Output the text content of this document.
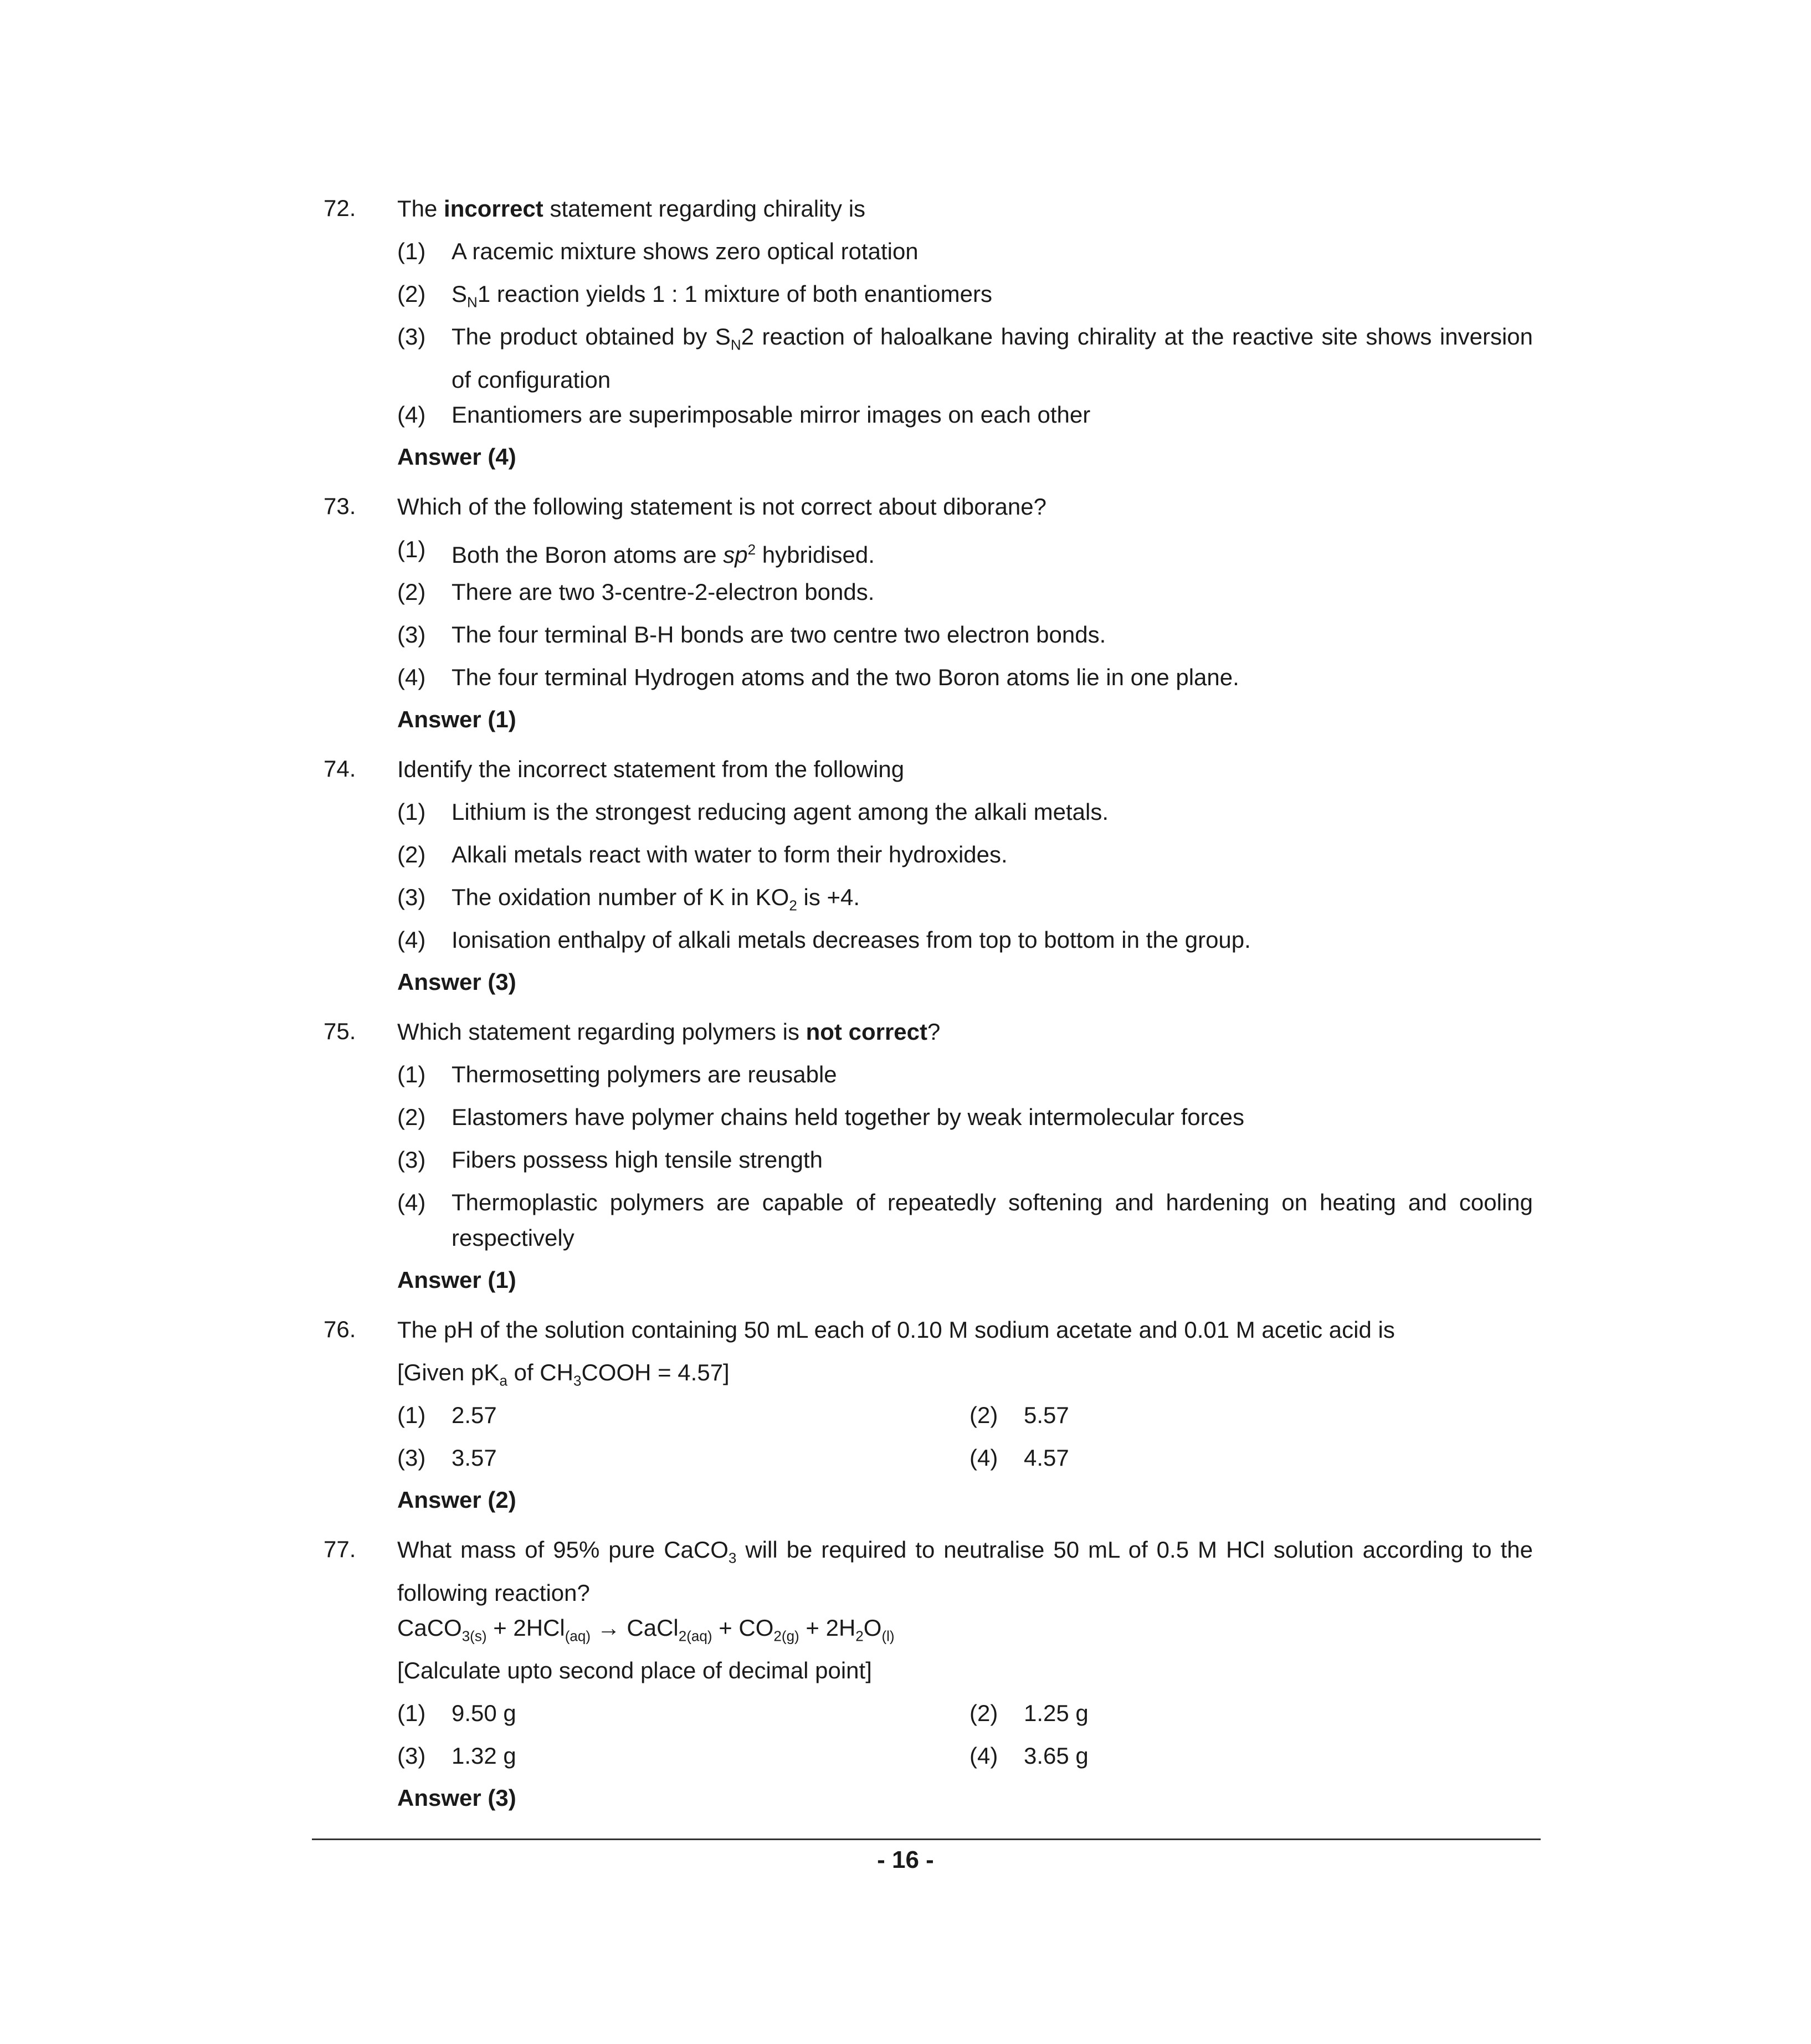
72. The incorrect statement regarding chirality is
(1) A racemic mixture shows zero optical rotation
(2) $S_N1$ reaction yields 1 : 1 mixture of both enantiomers
(3) The product obtained by $S_N2$ reaction of haloalkane having chirality at the reactive site shows inversion of configuration
(4) Enantiomers are superimposable mirror images on each other
Answer (4)
73. Which of the following statement is not correct about diborane?
(1) Both the Boron atoms are $sp^2$ hybridised.
(2) There are two 3-centre-2-electron bonds.
(3) The four terminal B-H bonds are two centre two electron bonds.
(4) The four terminal Hydrogen atoms and the two Boron atoms lie in one plane.
Answer (1)
74. Identify the incorrect statement from the following
(1) Lithium is the strongest reducing agent among the alkali metals.
(2) Alkali metals react with water to form their hydroxides.
(3) The oxidation number of K in $KO_2$ is +4.
(4) Ionisation enthalpy of alkali metals decreases from top to bottom in the group.
Answer (3)
75. Which statement regarding polymers is not correct?
(1) Thermosetting polymers are reusable
(2) Elastomers have polymer chains held together by weak intermolecular forces
(3) Fibers possess high tensile strength
(4) Thermoplastic polymers are capable of repeatedly softening and hardening on heating and cooling respectively
Answer (1)
76. The pH of the solution containing 50 mL each of 0.10 M sodium acetate and 0.01 M acetic acid is
[Given $pK_a$ of $CH_3COOH = 4.57$]
(1) 2.57	(2) 5.57
(3) 3.57	(4) 4.57
Answer (2)
77. What mass of 95% pure CaCO$_3$ will be required to neutralise 50 mL of 0.5 M HCl solution according to the following reaction?
CaCO$_{3(s)}$ + 2HCl$_{(aq)}$ → CaCl$_{2(aq)}$ + $CO_{2(g)} + 2H_2O_{(l)}$
[Calculate upto second place of decimal point]
(1) 9.50 g	(2) 1.25 g
(3) 1.32 g	(4) 3.65 g
Answer (3)
- 16 -
